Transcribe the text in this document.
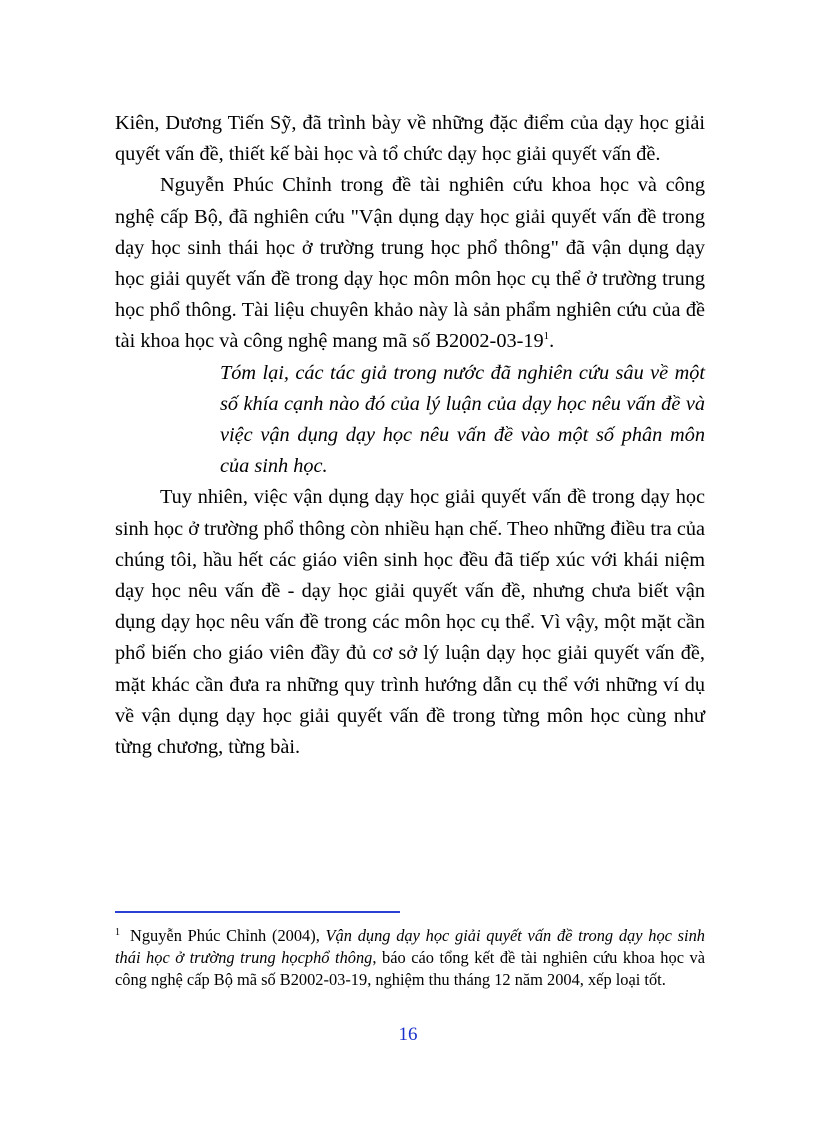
Kiên, Dương Tiến Sỹ, đã trình bày về những đặc điểm của dạy học giải quyết vấn đề, thiết kế bài học và tổ chức dạy học giải quyết vấn đề.

Nguyễn Phúc Chỉnh trong đề tài nghiên cứu khoa học và công nghệ cấp Bộ, đã nghiên cứu "Vận dụng dạy học giải quyết vấn đề trong dạy học sinh thái học ở trường trung học phổ thông" đã vận dụng dạy học giải quyết vấn đề trong dạy học môn môn học cụ thể ở trường trung học phổ thông. Tài liệu chuyên khảo này là sản phẩm nghiên cứu của đề tài khoa học và công nghệ mang mã số $B2002-03-19^1$.

Tóm lại, các tác giả trong nước đã nghiên cứu sâu về một số khía cạnh nào đó của lý luận của dạy học nêu vấn đề và việc vận dụng dạy học nêu vấn đề vào một số phân môn của sinh học.

Tuy nhiên, việc vận dụng dạy học giải quyết vấn đề trong dạy học sinh học ở trường phổ thông còn nhiều hạn chế. Theo những điều tra của chúng tôi, hầu hết các giáo viên sinh học đều đã tiếp xúc với khái niệm dạy học nêu vấn đề - dạy học giải quyết vấn đề, nhưng chưa biết vận dụng dạy học nêu vấn đề trong các môn học cụ thể. Vì vậy, một mặt cần phổ biến cho giáo viên đầy đủ cơ sở lý luận dạy học giải quyết vấn đề, mặt khác cần đưa ra những quy trình hướng dẫn cụ thể với những ví dụ về vận dụng dạy học giải quyết vấn đề trong từng môn học cùng như từng chương, từng bài.

$^1$ Nguyễn Phúc Chỉnh (2004), Vận dụng dạy học giải quyết vấn đề trong dạy học sinh thái học ở trường trung họcphổ thông, báo cáo tổng kết đề tài nghiên cứu khoa học và công nghệ cấp Bộ mã số B2002-03-19, nghiệm thu tháng 12 năm 2004, xếp loại tốt.

16
